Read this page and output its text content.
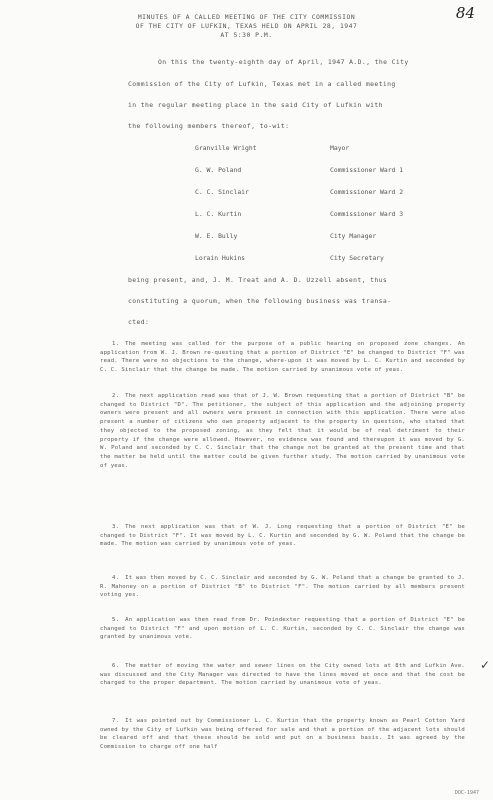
84
MINUTES OF A CALLED MEETING OF THE CITY COMMISSION
OF THE CITY OF LUFKIN, TEXAS HELD ON APRIL 28, 1947
AT 5:30 P.M.
On this the twenty-eighth day of April, 1947 A.D., the City
Commission of the City of Lufkin, Texas met in a called meeting
in the regular meeting place in the said City of Lufkin with
the following members thereof, to-wit:
Granville Wright	Mayor
G. W. Poland	Commissioner Ward 1
C. C. Sinclair	Commissioner Ward 2
L. C. Kurtin	Commissioner Ward 3
W. E. Bully	City Manager
Lorain Hukins	City Secretary
being present, and, J. M. Treat and A. D. Uzzell absent, thus
constituting a quorum, when the following business was transa-
cted:
1. The meeting was called for the purpose of a public hearing on proposed zone changes. An application from W. J. Brown re-questing that a portion of District "E" be changed to District "F" was read. There were no objections to the change, where-upon it was moved by L. C. Kurtin and seconded by C. C. Sinclair that the change be made. The motion carried by unanimous vote of yeas.
2. The next application read was that of J. W. Brown requesting that a portion of District "B" be changed to District "D". The petitioner, the subject of this application and the adjoining property owners were present and all owners were present in connection with this application. There were also present a number of citizens who own property adjacent to the property in question, who stated that they objected to the proposed zoning, as they felt that it would be of real detriment to their property if the change were allowed. However, no evidence was found and thereupon it was moved by G. W. Poland and seconded by C. C. Sinclair that the change not be granted at the present time and that the matter be held until the matter could be given further study. The motion carried by unanimous vote of yeas.
3. The next application was that of W. J. Long requesting that a portion of District "E" be changed to District "F". It was moved by L. C. Kurtin and seconded by G. W. Poland that the change be made. The motion was carried by unanimous vote of yeas.
4. It was then moved by C. C. Sinclair and seconded by G. W. Poland that a change be granted to J. R. Mahoney on a portion of District "B" to District "F". The motion carried by all members present voting yes.
5. An application was then read from Dr. Poindexter requesting that a portion of District "E" be changed to District "F" and upon motion of L. C. Kurtin, seconded by C. C. Sinclair the change was granted by unanimous vote.
6. The matter of moving the water and sewer lines on the City owned lots at 8th and Lufkin Ave. was discussed and the City Manager was directed to have the lines moved at once and that the cost be charged to the proper department. The motion carried by unanimous vote of yeas.
7. It was pointed out by Commissioner L. C. Kurtin that the property known as Pearl Cotton Yard owned by the City of Lufkin was being offered for sale and that a portion of the adjacent lots should be cleared off and that these should be sold and put on a business basis. It was agreed by the Commission to charge off one half
✓
DOC-1947
